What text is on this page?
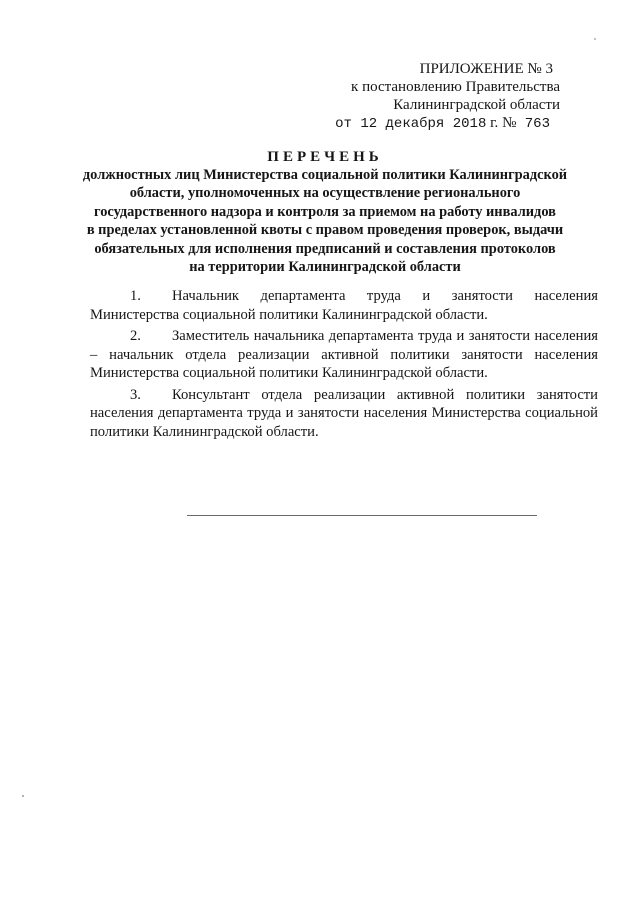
ПРИЛОЖЕНИЕ № 3
к постановлению Правительства
Калининградской области
от 12 декабря 2018 г. № 763
ПЕРЕЧЕНЬ
должностных лиц Министерства социальной политики Калининградской
области, уполномоченных на осуществление регионального
государственного надзора и контроля за приемом на работу инвалидов
в пределах установленной квоты с правом проведения проверок, выдачи
обязательных для исполнения предписаний и составления протоколов
на территории Калининградской области

1. Начальник департамента труда и занятости населения Министерства социальной политики Калининградской области.

2. Заместитель начальника департамента труда и занятости населения – начальник отдела реализации активной политики занятости населения Министерства социальной политики Калининградской области.

3. Консультант отдела реализации активной политики занятости населения департамента труда и занятости населения Министерства социальной политики Калининградской области.
